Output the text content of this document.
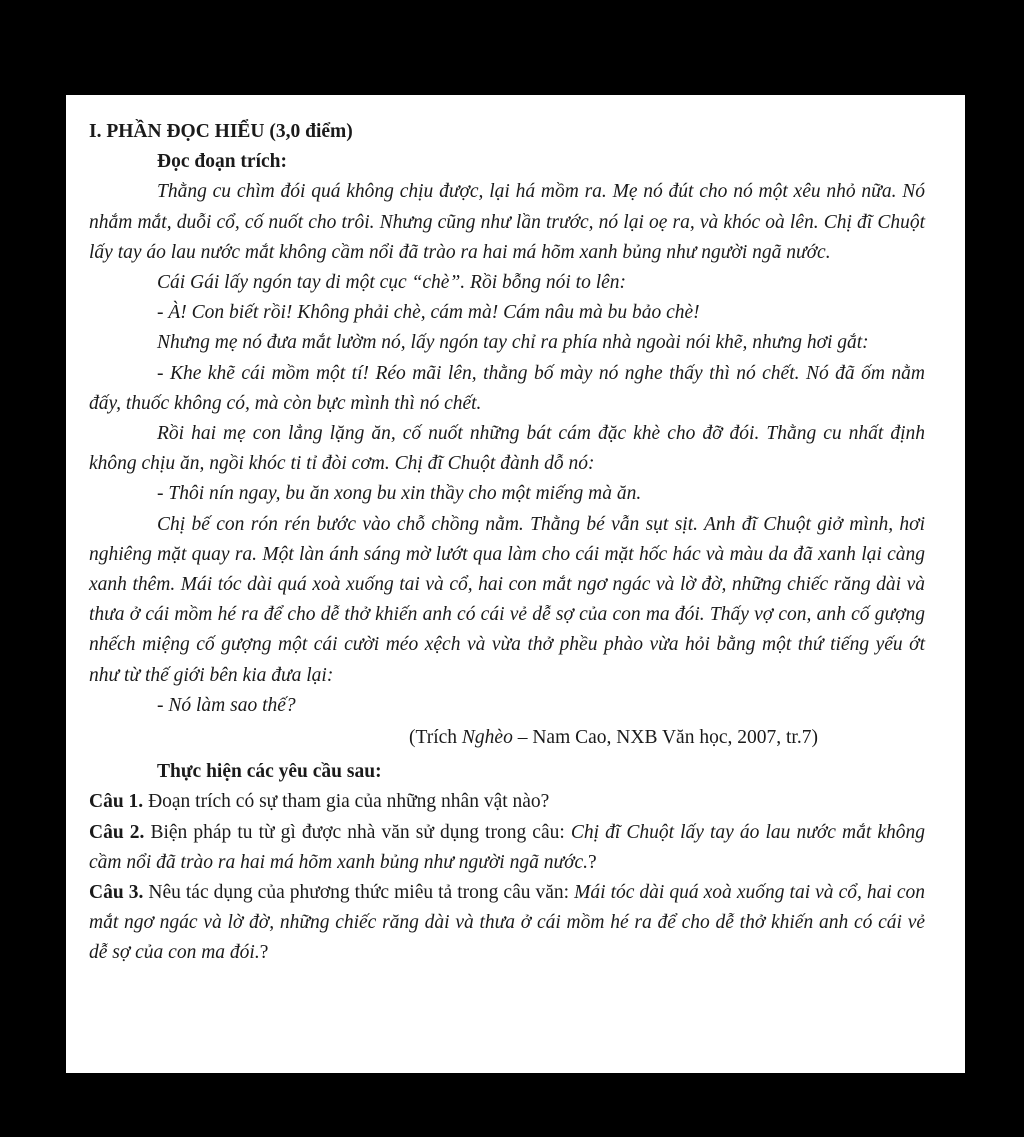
I. PHẦN ĐỌC HIỂU (3,0 điểm)

Đọc đoạn trích:

Thằng cu chìm đói quá không chịu được, lại há mồm ra. Mẹ nó đút cho nó một xêu nhỏ nữa. Nó nhắm mắt, duỗi cổ, cố nuốt cho trôi. Nhưng cũng như lần trước, nó lại oẹ ra, và khóc oà lên. Chị đĩ Chuột lấy tay áo lau nước mắt không cầm nổi đã trào ra hai má hõm xanh bủng như người ngã nước.

Cái Gái lấy ngón tay di một cục “chè”. Rồi bỗng nói to lên:

- À! Con biết rồi! Không phải chè, cám mà! Cám nâu mà bu bảo chè!

Nhưng mẹ nó đưa mắt lườm nó, lấy ngón tay chỉ ra phía nhà ngoài nói khẽ, nhưng hơi gắt:

- Khe khẽ cái mồm một tí! Réo mãi lên, thằng bố mày nó nghe thấy thì nó chết. Nó đã ốm nằm đấy, thuốc không có, mà còn bực mình thì nó chết.

Rồi hai mẹ con lẳng lặng ăn, cố nuốt những bát cám đặc khè cho đỡ đói. Thằng cu nhất định không chịu ăn, ngồi khóc ti tỉ đòi cơm. Chị đĩ Chuột đành dỗ nó:

- Thôi nín ngay, bu ăn xong bu xin thầy cho một miếng mà ăn.

Chị bế con rón rén bước vào chỗ chồng nằm. Thằng bé vẫn sụt sịt. Anh đĩ Chuột giở mình, hơi nghiêng mặt quay ra. Một làn ánh sáng mờ lướt qua làm cho cái mặt hốc hác và màu da đã xanh lại càng xanh thêm. Mái tóc dài quá xoà xuống tai và cổ, hai con mắt ngơ ngác và lờ đờ, những chiếc răng dài và thưa ở cái mồm hé ra để cho dễ thở khiến anh có cái vẻ dễ sợ của con ma đói. Thấy vợ con, anh cố gượng nhếch miệng cố gượng một cái cười méo xệch và vừa thở phều phào vừa hỏi bằng một thứ tiếng yếu ớt như từ thế giới bên kia đưa lại:

- Nó làm sao thế?

(Trích Nghèo – Nam Cao, NXB Văn học, 2007, tr.7)

Thực hiện các yêu cầu sau:

Câu 1. Đoạn trích có sự tham gia của những nhân vật nào?

Câu 2. Biện pháp tu từ gì được nhà văn sử dụng trong câu: Chị đĩ Chuột lấy tay áo lau nước mắt không cầm nổi đã trào ra hai má hõm xanh bủng như người ngã nước.?

Câu 3. Nêu tác dụng của phương thức miêu tả trong câu văn: Mái tóc dài quá xoà xuống tai và cổ, hai con mắt ngơ ngác và lờ đờ, những chiếc răng dài và thưa ở cái mồm hé ra để cho dễ thở khiến anh có cái vẻ dễ sợ của con ma đói.?
